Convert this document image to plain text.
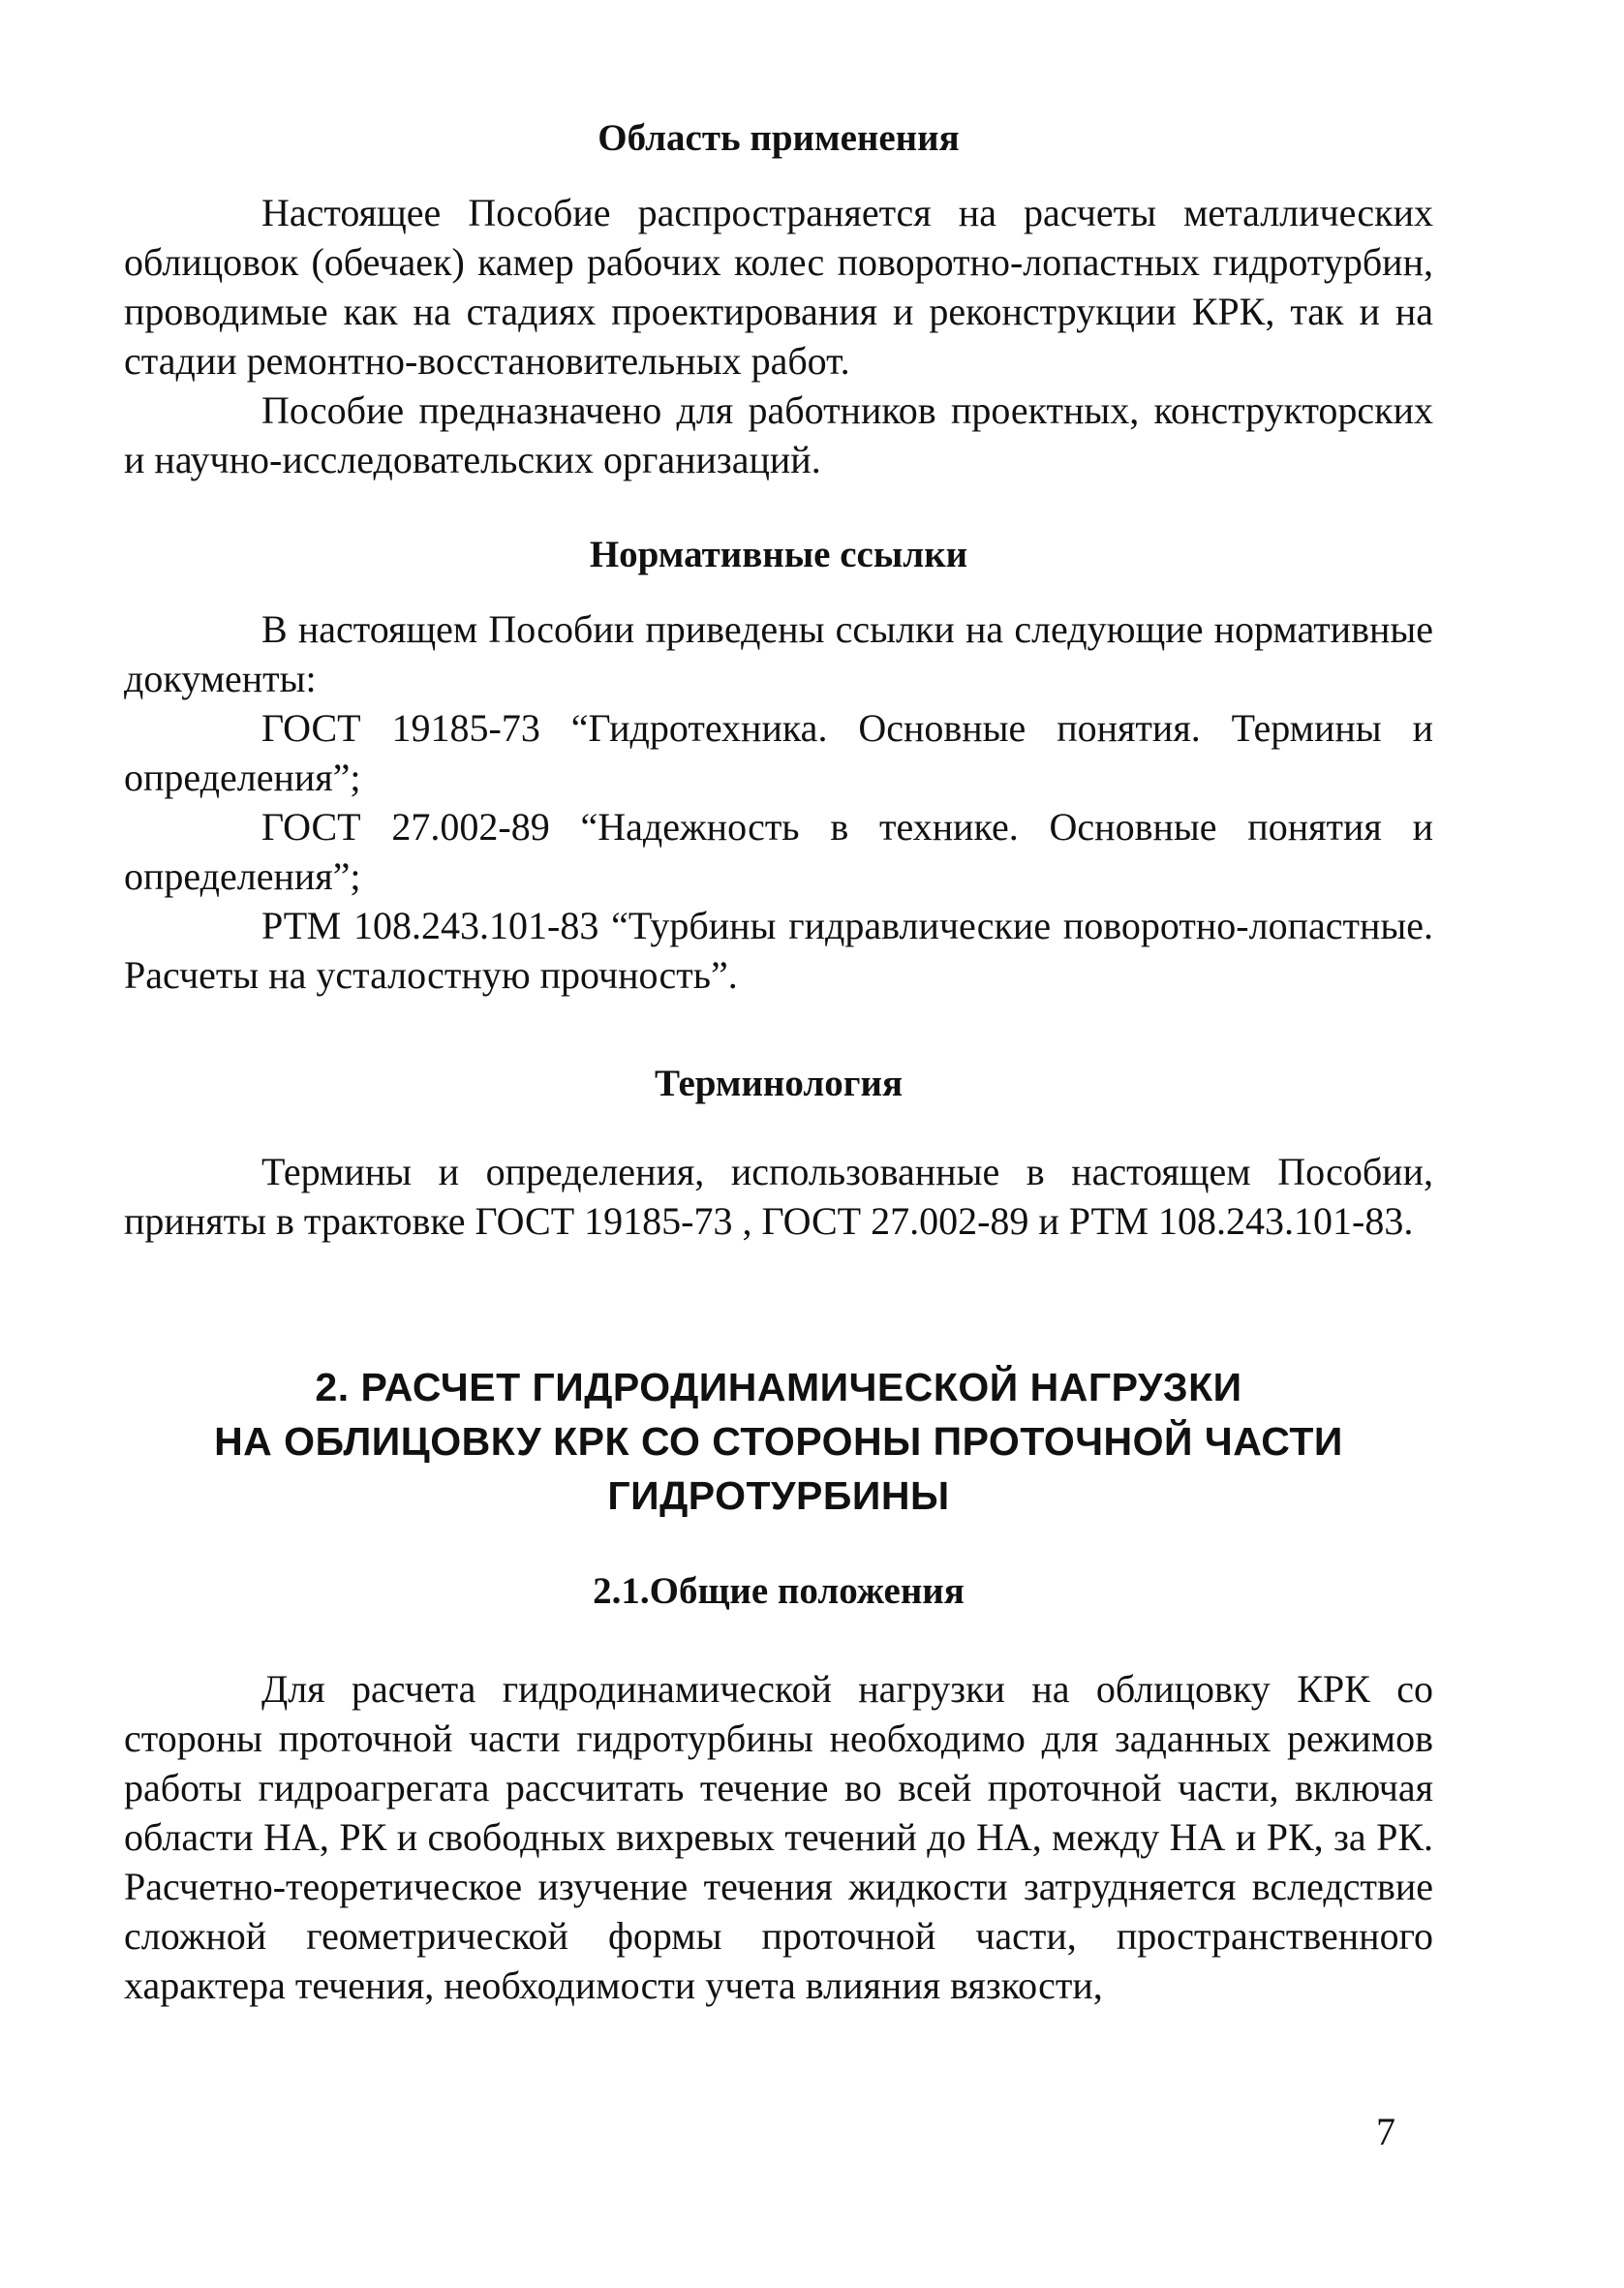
Область применения

Настоящее Пособие распространяется на расчеты металлических облицовок (обечаек) камер рабочих колес поворотно-лопастных гидротурбин, проводимые как на стадиях проектирования и реконструкции КРК, так и на стадии ремонтно-восстановительных работ.

Пособие предназначено для работников проектных, конструкторских и научно-исследовательских организаций.

Нормативные ссылки

В настоящем Пособии приведены ссылки на следующие нормативные документы:

ГОСТ 19185-73 “Гидротехника. Основные понятия. Термины и определения”;

ГОСТ 27.002-89 “Надежность в технике. Основные понятия и определения”;

РТМ 108.243.101-83 “Турбины гидравлические поворотно-лопастные. Расчеты на усталостную прочность”.

Терминология

Термины и определения, использованные в настоящем Пособии, приняты в трактовке ГОСТ 19185-73 , ГОСТ 27.002-89 и РТМ 108.243.101-83.

2. РАСЧЕТ ГИДРОДИНАМИЧЕСКОЙ НАГРУЗКИ
НА ОБЛИЦОВКУ КРК СО СТОРОНЫ ПРОТОЧНОЙ ЧАСТИ
ГИДРОТУРБИНЫ
2.1.Общие положения

Для расчета гидродинамической нагрузки на облицовку КРК со стороны проточной части гидротурбины необходимо для заданных режимов работы гидроагрегата рассчитать течение во всей проточной части, включая области НА, РК и свободных вихревых течений до НА, между НА и РК, за РК. Расчетно-теоретическое изучение течения жидкости затрудняется вследствие сложной геометрической формы проточной части, пространственного характера течения, необходимости учета влияния вязкости,

7
